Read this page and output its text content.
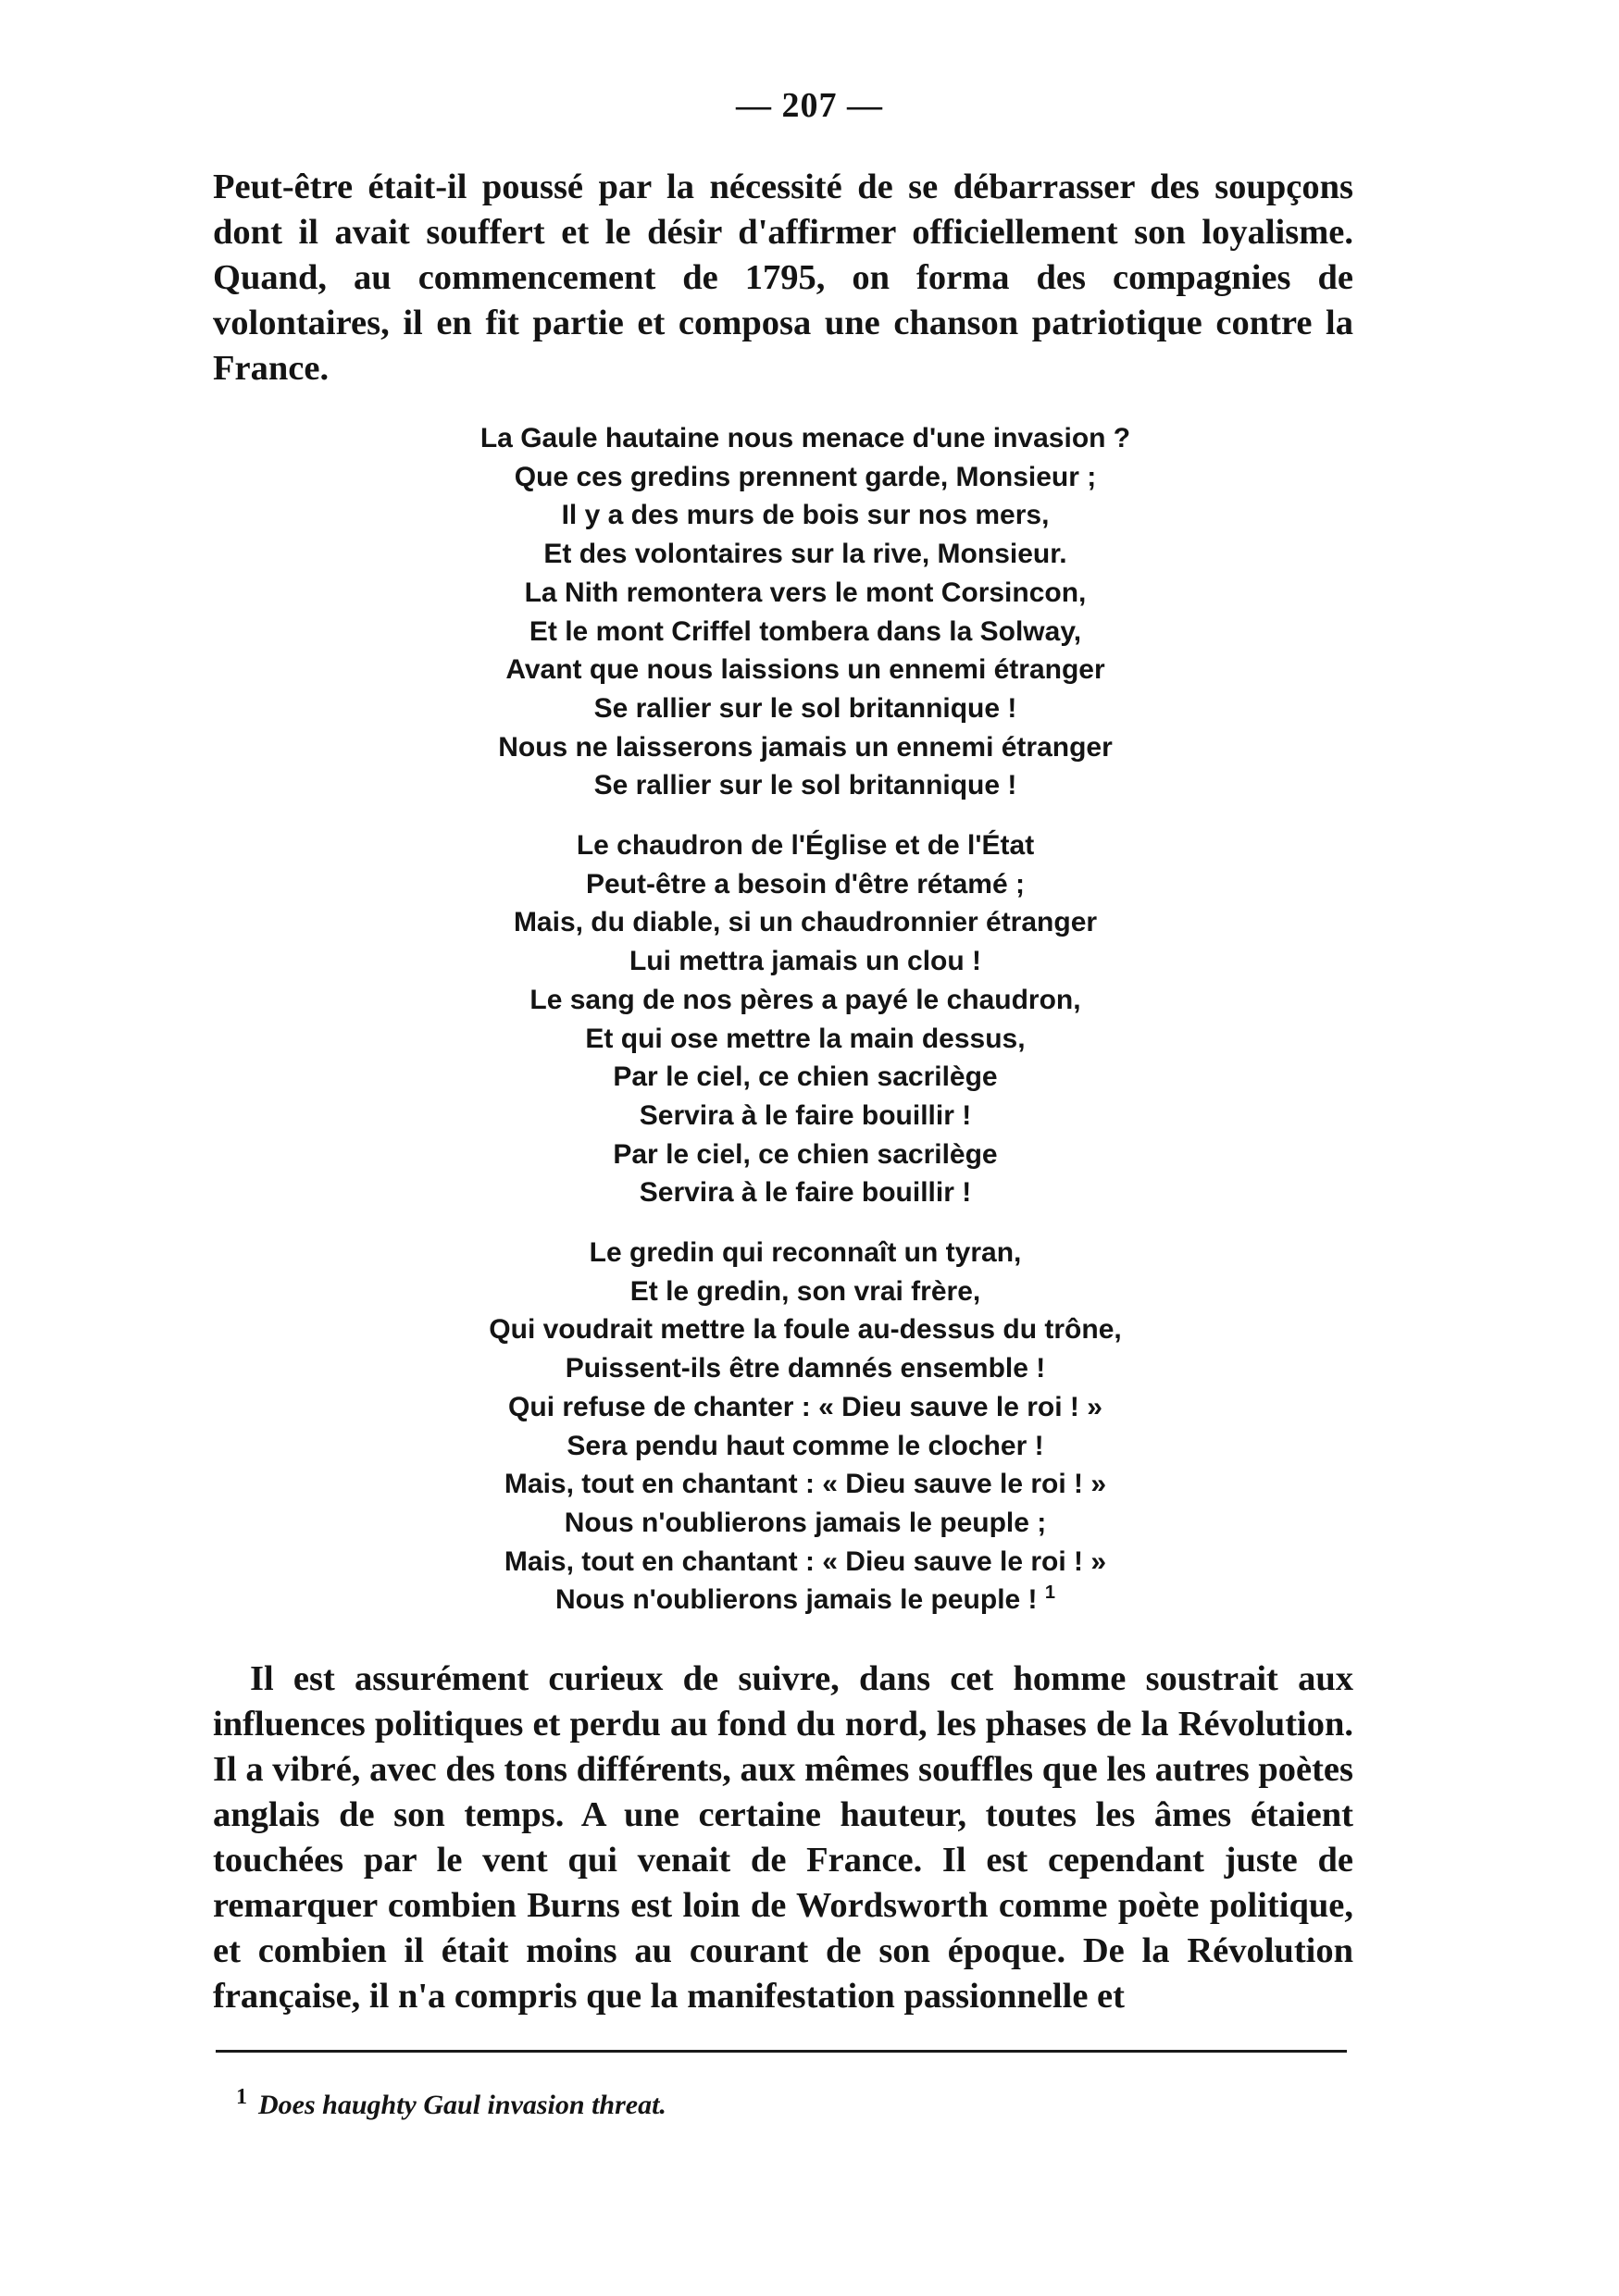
— 207 —

Peut-être était-il poussé par la nécessité de se débarrasser des soupçons dont il avait souffert et le désir d'affirmer officiellement son loyalisme. Quand, au commencement de 1795, on forma des compagnies de volontaires, il en fit partie et composa une chanson patriotique contre la France.

La Gaule hautaine nous menace d'une invasion ?
Que ces gredins prennent garde, Monsieur ;
Il y a des murs de bois sur nos mers,
Et des volontaires sur la rive, Monsieur.
La Nith remontera vers le mont Corsincon,
Et le mont Criffel tombera dans la Solway,
Avant que nous laissions un ennemi étranger
Se rallier sur le sol britannique !
Nous ne laisserons jamais un ennemi étranger
Se rallier sur le sol britannique !
Le chaudron de l'Église et de l'État
Peut-être a besoin d'être rétamé ;
Mais, du diable, si un chaudronnier étranger
Lui mettra jamais un clou !
Le sang de nos pères a payé le chaudron,
Et qui ose mettre la main dessus,
Par le ciel, ce chien sacrilège
Servira à le faire bouillir !
Par le ciel, ce chien sacrilège
Servira à le faire bouillir !
Le gredin qui reconnaît un tyran,
Et le gredin, son vrai frère,
Qui voudrait mettre la foule au-dessus du trône,
Puissent-ils être damnés ensemble !
Qui refuse de chanter : « Dieu sauve le roi ! »
Sera pendu haut comme le clocher !
Mais, tout en chantant : « Dieu sauve le roi ! »
Nous n'oublierons jamais le peuple ;
Mais, tout en chantant : « Dieu sauve le roi ! »
Nous n'oublierons jamais le peuple ! $^1$

Il est assurément curieux de suivre, dans cet homme soustrait aux influences politiques et perdu au fond du nord, les phases de la Révolution. Il a vibré, avec des tons différents, aux mêmes souffles que les autres poètes anglais de son temps. A une certaine hauteur, toutes les âmes étaient touchées par le vent qui venait de France. Il est cependant juste de remarquer combien Burns est loin de Wordsworth comme poète politique, et combien il était moins au courant de son époque. De la Révolution française, il n'a compris que la manifestation passionnelle et

$^1$ Does haughty Gaul invasion threat.
